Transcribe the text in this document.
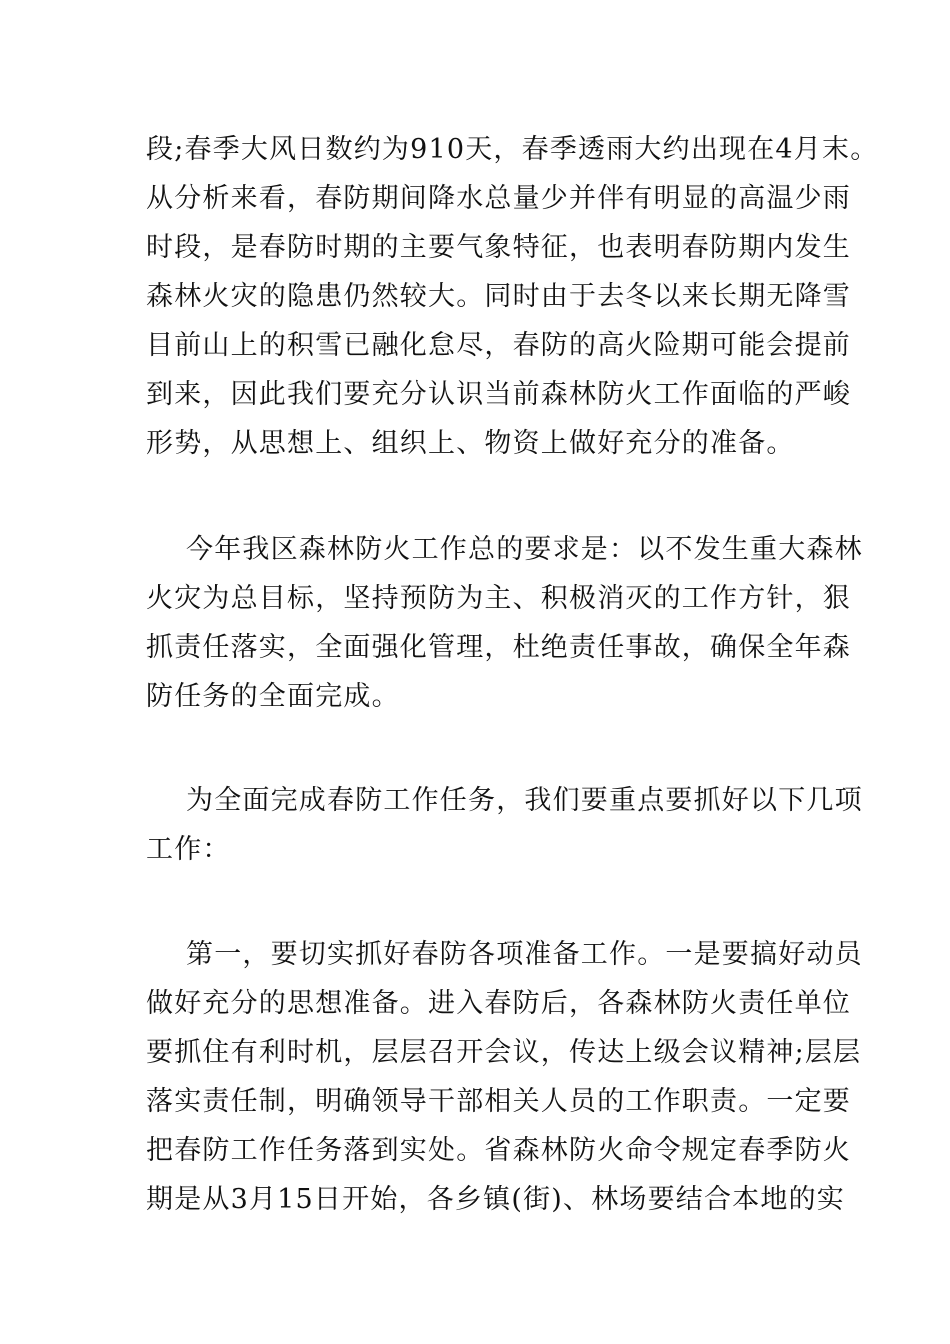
段;春季大风日数约为910天，春季透雨大约出现在4月末。
从分析来看，春防期间降水总量少并伴有明显的高温少雨
时段，是春防时期的主要气象特征，也表明春防期内发生
森林火灾的隐患仍然较大。同时由于去冬以来长期无降雪
目前山上的积雪已融化怠尽，春防的高火险期可能会提前
到来，因此我们要充分认识当前森林防火工作面临的严峻
形势，从思想上、组织上、物资上做好充分的准备。
今年我区森林防火工作总的要求是：以不发生重大森林
火灾为总目标，坚持预防为主、积极消灭的工作方针，狠
抓责任落实，全面强化管理，杜绝责任事故，确保全年森
防任务的全面完成。
为全面完成春防工作任务，我们要重点要抓好以下几项
工作：
第一，要切实抓好春防各项准备工作。一是要搞好动员
做好充分的思想准备。进入春防后，各森林防火责任单位
要抓住有利时机，层层召开会议，传达上级会议精神;层层
落实责任制，明确领导干部相关人员的工作职责。一定要
把春防工作任务落到实处。省森林防火命令规定春季防火
期是从3月15日开始，各乡镇(街)、林场要结合本地的实
